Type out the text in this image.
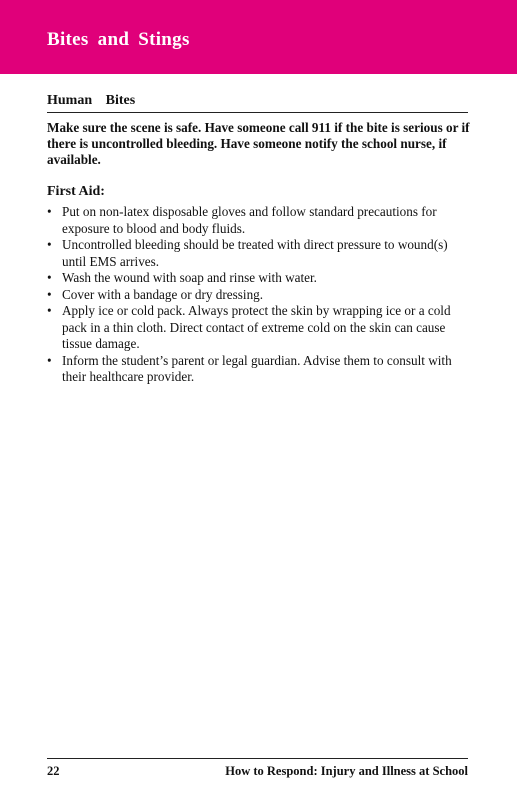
Bites and Stings
Human Bites
Make sure the scene is safe. Have someone call 911 if the bite is serious or if there is uncontrolled bleeding. Have someone notify the school nurse, if available.
First Aid:
• Put on non-latex disposable gloves and follow standard precautions for exposure to blood and body fluids.
• Uncontrolled bleeding should be treated with direct pressure to wound(s) until EMS arrives.
• Wash the wound with soap and rinse with water.
• Cover with a bandage or dry dressing.
• Apply ice or cold pack. Always protect the skin by wrapping ice or a cold pack in a thin cloth. Direct contact of extreme cold on the skin can cause tissue damage.
• Inform the student’s parent or legal guardian. Advise them to consult with their healthcare provider.
22	How to Respond: Injury and Illness at School
